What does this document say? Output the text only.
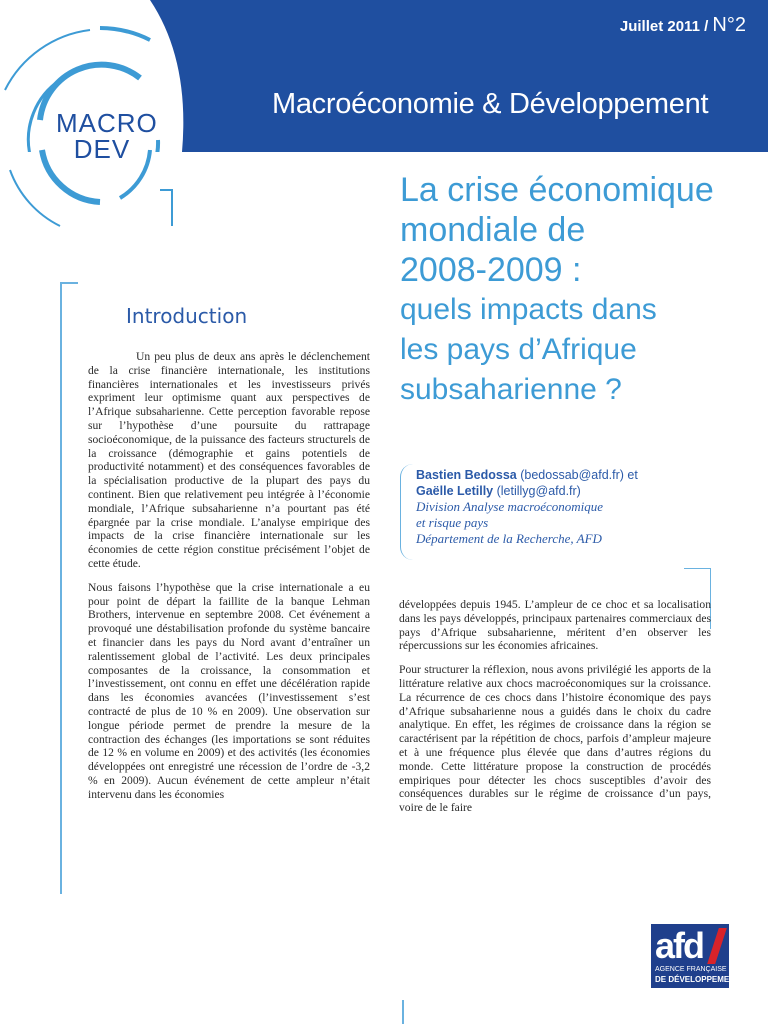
MACRO
DEV
Juillet 2011 / N°2
Macroéconomie & Développement
La crise économique
mondiale de
2008-2009 :
quels impacts dans
les pays d’Afrique
subsaharienne ?
Introduction

Un peu plus de deux ans après le déclenchement de la crise financière internationale, les institutions financières internationales et les investisseurs privés expriment leur optimisme quant aux perspectives de l’Afrique subsaharienne. Cette perception favorable repose sur l’hypothèse d’une poursuite du rattrapage socioéconomique, de la puissance des facteurs structurels de la croissance (démographie et gains potentiels de productivité notamment) et des conséquences favorables de la spécialisation productive de la plupart des pays du continent. Bien que relativement peu intégrée à l’économie mondiale, l’Afrique subsaharienne n’a pourtant pas été épargnée par la crise mondiale. L’analyse empirique des impacts de la crise financière internationale sur les économies de cette région constitue précisément l’objet de cette étude.

Nous faisons l’hypothèse que la crise internationale a eu pour point de départ la faillite de la banque Lehman Brothers, intervenue en septembre 2008. Cet événement a provoqué une déstabilisation profonde du système bancaire et financier dans les pays du Nord avant d’entraîner un ralentissement global de l’activité. Les deux principales composantes de la croissance, la consommation et l’investissement, ont connu en effet une décélération rapide dans les économies avancées (l’investissement s’est contracté de plus de 10 % en 2009). Une observation sur longue période permet de prendre la mesure de la contraction des échanges (les importations se sont réduites de 12 % en volume en 2009) et des activités (les économies développées ont enregistré une récession de l’ordre de -3,2 % en 2009). Aucun événement de cette ampleur n’était intervenu dans les économies

Bastien Bedossa (bedossab@afd.fr) et
Gaëlle Letilly (letillyg@afd.fr)
Division Analyse macroéconomique
et risque pays
Département de la Recherche, AFD

développées depuis 1945. L’ampleur de ce choc et sa localisation dans les pays développés, principaux partenaires commerciaux des pays d’Afrique subsaharienne, méritent d’en observer les répercussions sur les économies africaines.

Pour structurer la réflexion, nous avons privilégié les apports de la littérature relative aux chocs macroéconomiques sur la croissance. La récurrence de ces chocs dans l’histoire économique des pays d’Afrique subsaharienne nous a guidés dans le choix du cadre analytique. En effet, les régimes de croissance dans la région se caractérisent par la répétition de chocs, parfois d’ampleur majeure et à une fréquence plus élevée que dans d’autres régions du monde. Cette littérature propose la construction de procédés empiriques pour détecter les chocs susceptibles d’avoir des conséquences durables sur le régime de croissance d’un pays, voire de le faire

afd
AGENCE FRANÇAISE
DE DÉVELOPPEMENT
